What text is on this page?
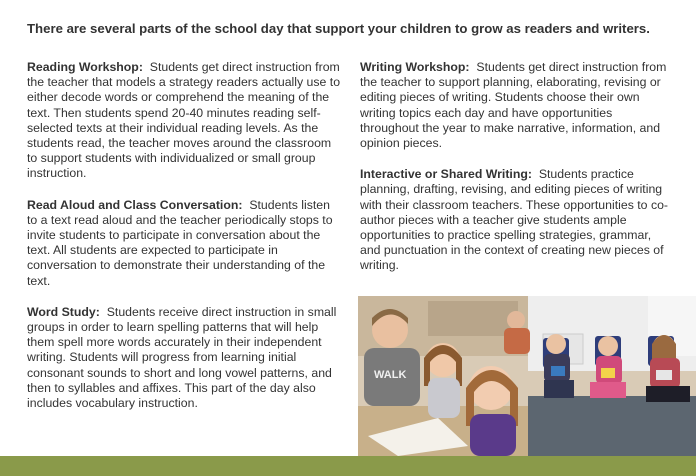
There are several parts of the school day that support your children to grow as readers and writers.

Reading Workshop: Students get direct instruction from the teacher that models a strategy readers actually use to either decode words or comprehend the meaning of the text. Then students spend 20-40 minutes reading self-selected texts at their individual reading levels. As the students read, the teacher moves around the classroom to support students with individualized or small group instruction.

Read Aloud and Class Conversation: Students listen to a text read aloud and the teacher periodically stops to invite students to participate in conversation about the text. All students are expected to participate in conversation to demonstrate their understanding of the text.

Word Study: Students receive direct instruction in small groups in order to learn spelling patterns that will help them spell more words accurately in their independent writing. Students will progress from learning initial consonant sounds to short and long vowel patterns, and then to syllables and affixes. This part of the day also includes vocabulary instruction.

Writing Workshop: Students get direct instruction from the teacher to support planning, elaborating, revising or editing pieces of writing. Students choose their own writing topics each day and have opportunities throughout the year to make narrative, information, and opinion pieces.

Interactive or Shared Writing: Students practice planning, drafting, revising, and editing pieces of writing with their classroom teachers. These opportunities to co-author pieces with a teacher give students ample opportunities to practice spelling strategies, grammar, and punctuation in the context of creating new pieces of writing.

WALK
